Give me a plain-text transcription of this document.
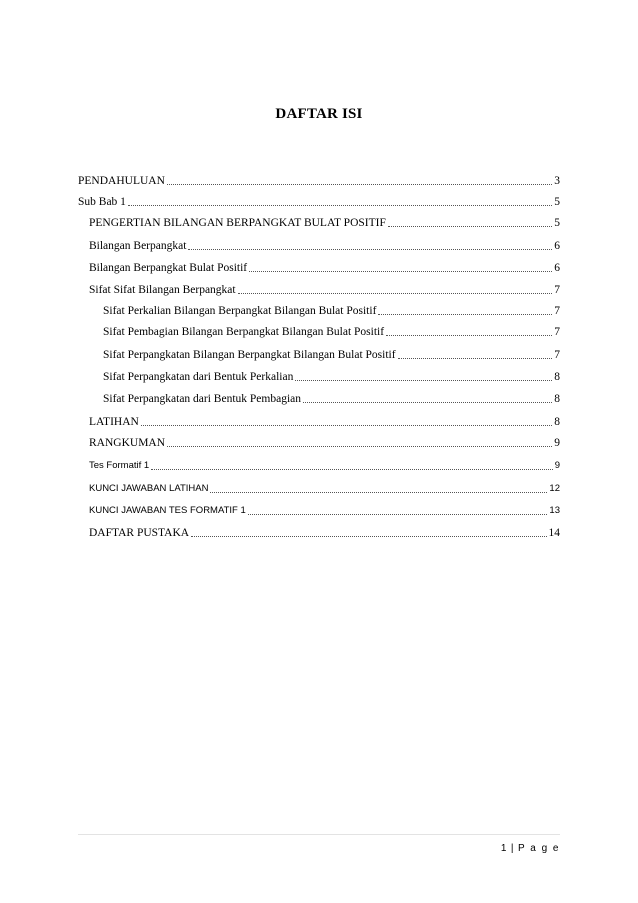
DAFTAR ISI
PENDAHULUAN	3
Sub Bab 1	5
PENGERTIAN BILANGAN BERPANGKAT BULAT POSITIF	5
Bilangan Berpangkat	6
Bilangan Berpangkat Bulat Positif	6
Sifat Sifat Bilangan Berpangkat	7
Sifat Perkalian Bilangan Berpangkat Bilangan Bulat Positif	7
Sifat Pembagian Bilangan Berpangkat Bilangan Bulat Positif	7
Sifat Perpangkatan Bilangan Berpangkat Bilangan Bulat Positif	7
Sifat Perpangkatan dari Bentuk Perkalian	8
Sifat Perpangkatan dari Bentuk Pembagian	8
LATIHAN	8
RANGKUMAN	9
Tes Formatif 1	9
KUNCI JAWABAN LATIHAN	12
KUNCI JAWABAN TES FORMATIF 1	13
DAFTAR PUSTAKA	14
1 | P a g e
